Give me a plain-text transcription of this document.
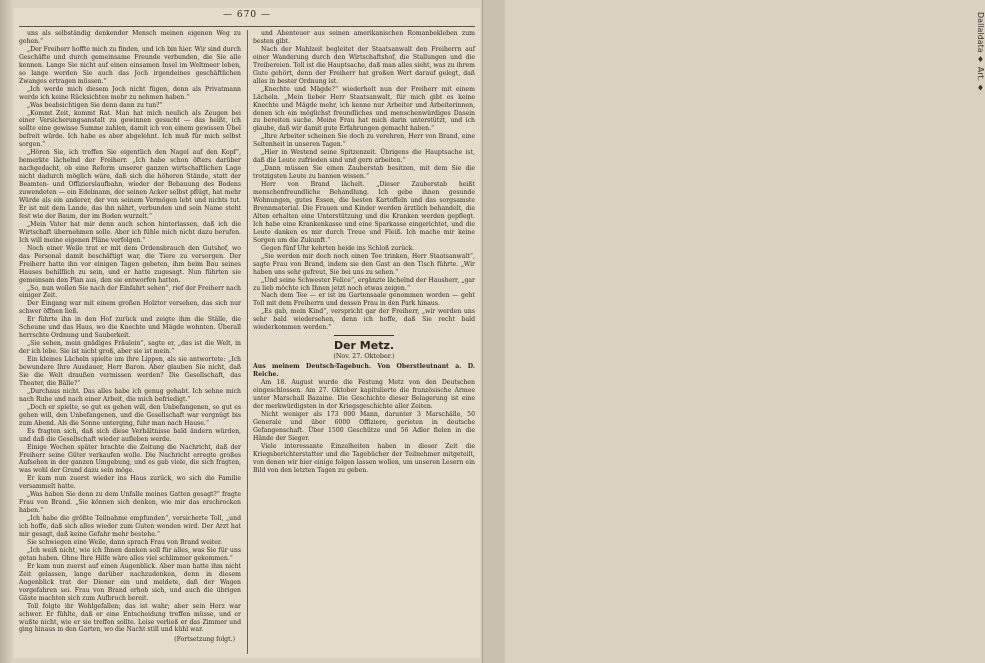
Dallaldata ♦ Art. ♦
— 670 —

uns als selbständig denkender Mensch meinen eigenen Weg zu gehen.“

„Der Freiherr hoffte mich zu finden, und ich bin hier. Wir sind durch Geschäfte und durch gemeinsame Freunde verbunden, die Sie alle kennen. Lange Sie nicht auf einen einsamen Insel im Weltmeer leben, so lange werden Sie auch das Joch irgendeines geschäftlichen Zwanges ertragen müssen.“

„Ich werde mich diesem Joch nicht fügen, denn als Privatmann werde ich keine Rücksichten mehr zu nehmen haben.“

„Was beabsichtigen Sie denn dann zu tun?“

„Kommt Zeit, kommt Rat. Man hat mich neulich als Zeugen bei einer Versicherungsanstalt zu gewinnen gesucht — das heißt, ich sollte eine gewisse Summe zahlen, damit ich von einem gewissen Übel befreit würde. Ich habe es aber abgelehnt. Ich muß für mich selbst sorgen.“

„Hören Sie, ich treffen Sie eigentlich den Nagel auf den Kopf“, bemerkte lächelnd der Freiherr. „Ich habe schon öfters darüber nachgedacht, ob eine Reform unserer ganzen wirtschaftlichen Lage nicht dadurch möglich wäre, daß sich die höheren Stände, statt der Beamten- und Offizierslaufbahn, wieder der Bebauung des Bodens zuwendeten — ein Edelmann, der seinen Acker selbst pflügt, hat mehr Würde als ein anderer, der von seinem Vermögen lebt und nichts tut. Er ist mit dem Lande, das ihn nährt, verbunden und sein Name steht fest wie der Baum, der im Boden wurzelt.“

„Mein Vater hat mir denn auch schon hinterlassen, daß ich die Wirtschaft übernehmen solle. Aber ich fühle mich nicht dazu berufen. Ich will meine eigenen Pläne verfolgen.“

Noch einer Weile trat er mit dem Ordensbrauch den Gutshof, wo das Personal damit beschäftigt war, die Tiere zu versorgen. Der Freiherr hatte ihn vor einigen Tagen gebeten, ihm beim Bau seines Hauses behilflich zu sein, und er hatte zugesagt. Nun führten sie gemeinsam den Plan aus, den sie entworfen hatten.

„So, nun wollen Sie nach der Einfahrt sehen“, rief der Freiherr nach einiger Zeit.

Der Eingang war mit einem großen Holztor versehen, das sich nur schwer öffnen ließ.

Er führte ihn in den Hof zurück und zeigte ihm die Ställe, die Scheune und das Haus, wo die Knechte und Mägde wohnten. Überall herrschte Ordnung und Sauberkeit.

„Sie sehen, mein gnädiges Fräulein“, sagte er, „das ist die Welt, in der ich lebe. Sie ist nicht groß, aber sie ist mein.“

Ein kleines Lächeln spielte um ihre Lippen, als sie antwortete: „Ich bewundere Ihre Ausdauer, Herr Baron. Aber glauben Sie nicht, daß Sie die Welt draußen vermissen werden? Die Gesellschaft, das Theater, die Bälle?“

„Durchaus nicht. Das alles habe ich genug gehabt. Ich sehne mich nach Ruhe und nach einer Arbeit, die mich befriedigt.“

„Doch er spielte, so gut es gehen will, den Unbefangenen, so gut es gehen will, den Unbefangenen, und die Gesellschaft war vergnügt bis zum Abend. Als die Sonne unterging, fuhr man nach Hause.“

Es fragten sich, daß sich diese Verhältnisse bald ändern würden, und daß die Gesellschaft wieder aufleben werde.

Einige Wochen später brachte die Zeitung die Nachricht, daß der Freiherr seine Güter verkaufen wolle. Die Nachricht erregte großes Aufsehen in der ganzen Umgebung, und es gab viele, die sich fragten, was wohl der Grund dazu sein möge.

Er kam nun zuerst wieder ins Haus zurück, wo sich die Familie versammelt hatte.

„Was haben Sie denn zu dem Unfalle meines Gatten gesagt?“ fragte Frau von Brand. „Sie können sich denken, wie mir das erschrocken haben.“

„Ich habe die größte Teilnahme empfunden“, versicherte Toll, „und ich hoffe, daß sich alles wieder zum Guten wenden wird. Der Arzt hat mir gesagt, daß keine Gefahr mehr bestehe.“

Sie schwiegen eine Weile, dann sprach Frau von Brand weiter.

„Ich weiß nicht, wie ich Ihnen danken soll für alles, was Sie für uns getan haben. Ohne Ihre Hilfe wäre alles viel schlimmer gekommen.“

Er kam nun zuerst auf einen Augenblick. Aber man hatte ihm nicht Zeit gelassen, lange darüber nachzudenken, denn in diesem Augenblick trat der Diener ein und meldete, daß der Wagen vorgefahren sei. Frau von Brand erhob sich, und auch die übrigen Gäste machten sich zum Aufbruch bereit.

Toll folgte ihr Wohlgefallen; das ist wahr; aber sein Herz war schwer. Er fühlte, daß er eine Entscheidung treffen müsse, und er wußte nicht, wie er sie treffen sollte. Leise verließ er das Zimmer und ging hinaus in den Garten, wo die Nacht still und kühl war.

(Fortsetzung folgt.)

und Abenteuer aus seinen amerikanischen Romanbekleben zum besten gibt.

Nach der Mahlzeit begleitet der Staatsanwalt den Freiherrn auf einer Wanderung durch den Wirtschaftshof, die Stallungen und die Treibereien. Toll ist die Hauptsache, daß man alles sieht, was zu ihrem Gute gehört, denn der Freiherr hat großen Wert darauf gelegt, daß alles in bester Ordnung ist.

„Knechte und Mägde?“ wiederholt nun der Freiherr mit einem Lächeln. „Mein lieber Herr Staatsanwalt, für mich gibt es keine Knechte und Mägde mehr, ich kenne nur Arbeiter und Arbeiterinnen, denen ich ein möglichst freundliches und menschenwürdiges Dasein zu bereiten suche. Meine Frau hat mich darin unterstützt, und ich glaube, daß wir damit gute Erfahrungen gemacht haben.“

„Ihre Arbeiter scheinen Sie doch zu verehren, Herr von Brand, eine Seltenheit in unseren Tagen.“

„Hier in Westend seine Spitzenzeit. Übrigens die Hauptsache ist, daß die Leute zufrieden sind und gern arbeiten.“

„Dann müssen Sie einen Zauberstab besitzen, mit dem Sie die trotzigsten Leute zu bannen wissen.“

Herr von Brand lächelt. „Dieser Zauberstab heißt menschenfreundliche Behandlung. Ich gebe ihnen gesunde Wohnungen, gutes Essen, die besten Kartoffeln und das sorgsamste Brennmaterial. Die Frauen und Kinder werden ärztlich behandelt, die Alten erhalten eine Unterstützung und die Kranken werden gepflegt. Ich habe eine Krankenkasse und eine Sparkasse eingerichtet, und die Leute danken es mir durch Treue und Fleiß. Ich mache mir keine Sorgen um die Zukunft.“

Gegen fünf Uhr kehrten beide ins Schloß zurück.

„Sie werden mir doch noch einen Tee trinken, Herr Staatsanwalt“, sagte Frau von Brand, indem sie den Gast an den Tisch führte. „Wir haben uns sehr gefreut, Sie bei uns zu sehen.“

„Und seine Schwester Felice“, ergänzte lächelnd der Hausherr, „gar zu lieb möchte ich Ihnen jetzt noch etwas zeigen.“

Nach dem Tee — er ist im Gartensaale genommen worden — geht Toll mit dem Freiherrn und dessen Frau in den Park hinaus.

„Es gab, mein Kind“, verspricht gar der Freiherr, „wir werden uns sehr bald wiedersehen, denn ich hoffe, daß Sie recht bald wiederkommen werden.“

Der Metz.
(Nov. 27. Oktober.)

Aus meinem Deutsch-Tagebuch. Von Oberstleutnant a. D. Reiche.

Am 18. August wurde die Festung Metz von den Deutschen eingeschlossen. Am 27. Oktober kapitulierte die französische Armee unter Marschall Bazaine. Die Geschichte dieser Belagerung ist eine der merkwürdigsten in der Kriegsgeschichte aller Zeiten.

Nicht weniger als 173 000 Mann, darunter 3 Marschälle, 50 Generale und über 6000 Offiziere, gerieten in deutsche Gefangenschaft. Über 1500 Geschütze und 56 Adler fielen in die Hände der Sieger.

Viele interessante Einzelheiten haben in dieser Zeit die Kriegsberichterstatter und die Tagebücher der Teilnehmer mitgeteilt, von denen wir hier einige folgen lassen wollen, um unseren Lesern ein Bild von den letzten Tagen zu geben.
